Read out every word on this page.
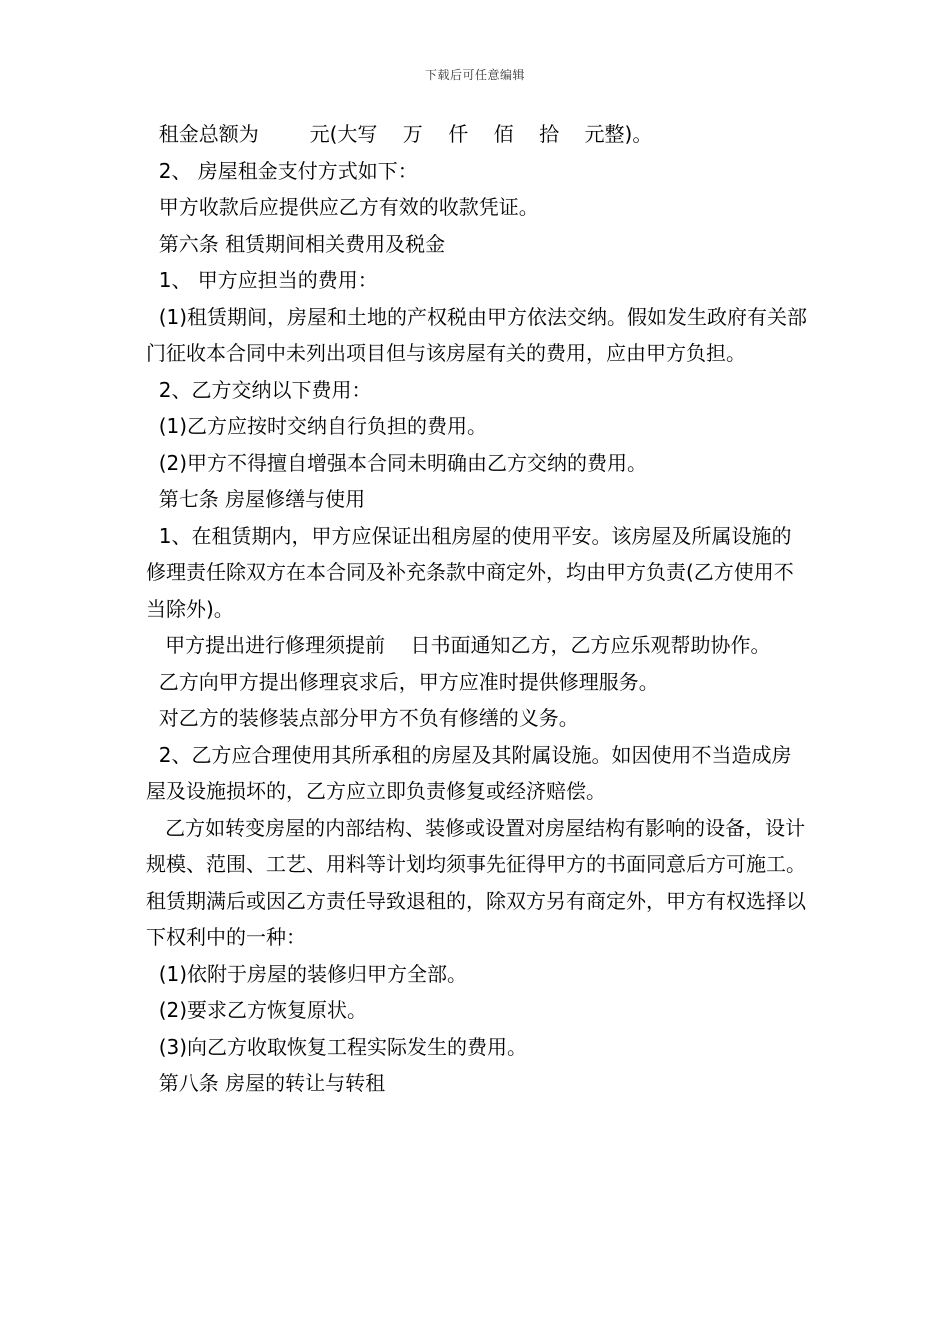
下载后可任意编辑

租金总额为        元(大写    万    仟    佰    拾    元整)。

2、 房屋租金支付方式如下：

甲方收款后应提供应乙方有效的收款凭证。

第六条 租赁期间相关费用及税金

1、 甲方应担当的费用：

(1)租赁期间，房屋和土地的产权税由甲方依法交纳。假如发生政府有关部门征收本合同中未列出项目但与该房屋有关的费用，应由甲方负担。

2、乙方交纳以下费用：

(1)乙方应按时交纳自行负担的费用。

(2)甲方不得擅自增强本合同未明确由乙方交纳的费用。

第七条 房屋修缮与使用

1、在租赁期内，甲方应保证出租房屋的使用平安。该房屋及所属设施的修理责任除双方在本合同及补充条款中商定外，均由甲方负责(乙方使用不当除外)。

甲方提出进行修理须提前    日书面通知乙方，乙方应乐观帮助协作。

乙方向甲方提出修理哀求后，甲方应准时提供修理服务。

对乙方的装修装点部分甲方不负有修缮的义务。

2、乙方应合理使用其所承租的房屋及其附属设施。如因使用不当造成房屋及设施损坏的，乙方应立即负责修复或经济赔偿。

乙方如转变房屋的内部结构、装修或设置对房屋结构有影响的设备，设计规模、范围、工艺、用料等计划均须事先征得甲方的书面同意后方可施工。租赁期满后或因乙方责任导致退租的，除双方另有商定外，甲方有权选择以下权利中的一种：

(1)依附于房屋的装修归甲方全部。

(2)要求乙方恢复原状。

(3)向乙方收取恢复工程实际发生的费用。

第八条 房屋的转让与转租
